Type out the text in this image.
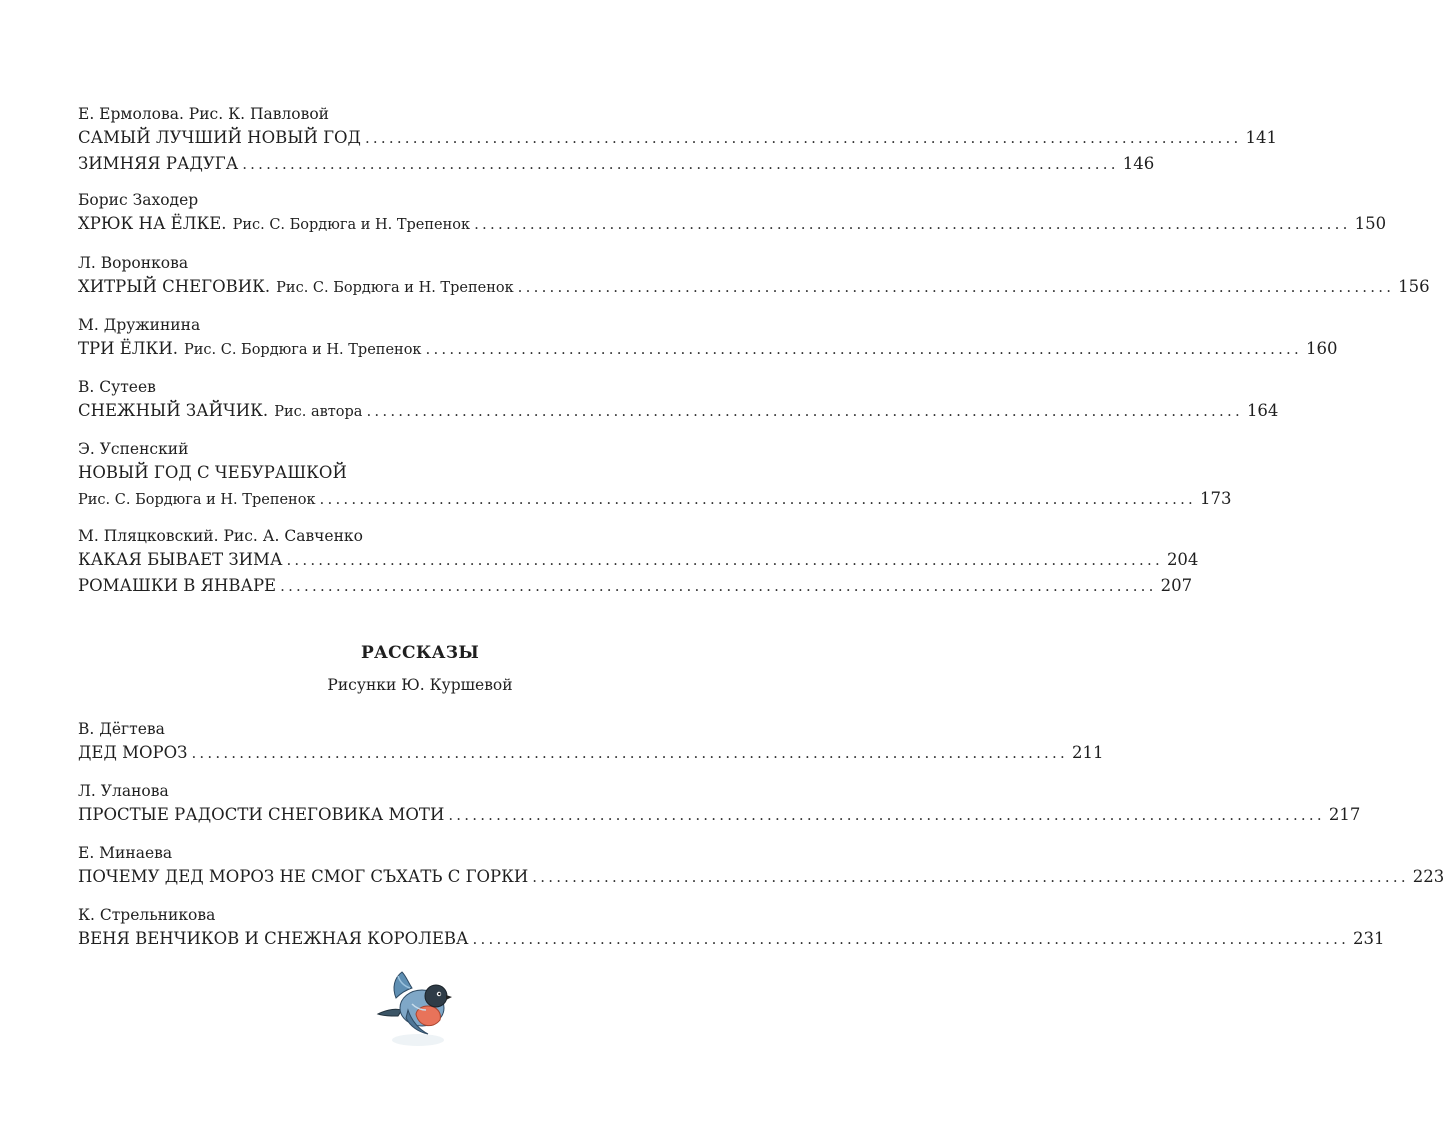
Е. Ермолова. Рис. К. Павловой
САМЫЙ ЛУЧШИЙ НОВЫЙ ГОД .............................................................................................................. 141
ЗИМНЯЯ РАДУГА .............................................................................................................. 146
Борис Заходер
ХРЮК НА ЁЛКЕ. Рис. С. Бордюга и Н. Трепенок .............................................................................................................. 150
Л. Воронкова
ХИТРЫЙ СНЕГОВИК. Рис. С. Бордюга и Н. Трепенок .............................................................................................................. 156
М. Дружинина
ТРИ ЁЛКИ. Рис. С. Бордюга и Н. Трепенок .............................................................................................................. 160
В. Сутеев
СНЕЖНЫЙ ЗАЙЧИК. Рис. автора .............................................................................................................. 164
Э. Успенский
НОВЫЙ ГОД С ЧЕБУРАШКОЙ
Рис. С. Бордюга и Н. Трепенок .............................................................................................................. 173
М. Пляцковский. Рис. А. Савченко
КАКАЯ БЫВАЕТ ЗИМА .............................................................................................................. 204
РОМАШКИ В ЯНВАРЕ .............................................................................................................. 207
РАССКАЗЫ
Рисунки Ю. Куршевой
В. Дёгтева
ДЕД МОРОЗ .............................................................................................................. 211
Л. Уланова
ПРОСТЫЕ РАДОСТИ СНЕГОВИКА МОТИ .............................................................................................................. 217
Е. Минаева
ПОЧЕМУ ДЕД МОРОЗ НЕ СМОГ СЪХАТЬ С ГОРКИ .............................................................................................................. 223
К. Стрельникова
ВЕНЯ ВЕНЧИКОВ И СНЕЖНАЯ КОРОЛЕВА .............................................................................................................. 231
